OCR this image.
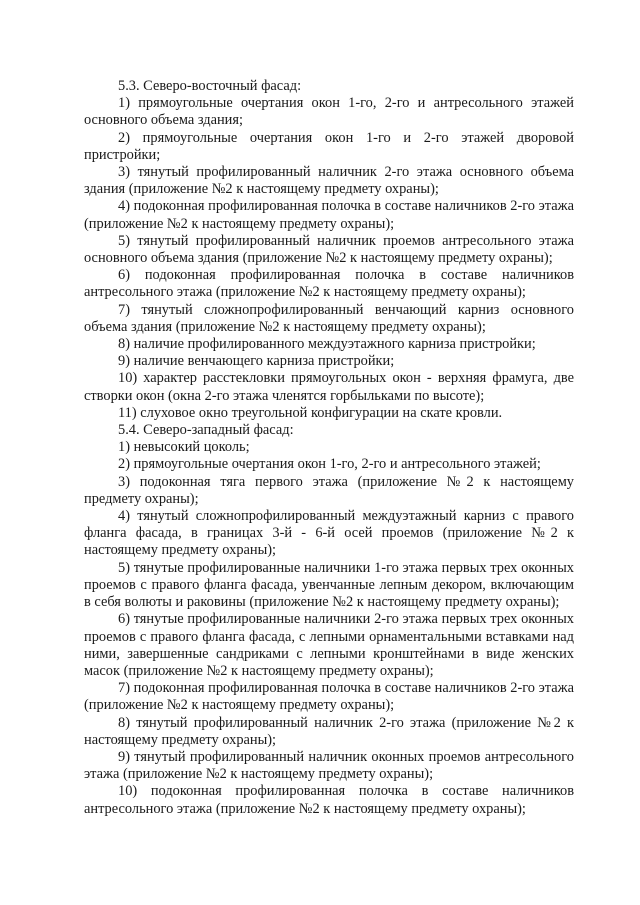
5.3. Северо-восточный фасад:

1) прямоугольные очертания окон 1-го, 2-го и антресольного этажей основного объема здания;

2) прямоугольные очертания окон 1-го и 2-го этажей дворовой пристройки;

3) тянутый профилированный наличник 2-го этажа основного объема здания (приложение №2 к настоящему предмету охраны);

4) подоконная профилированная полочка в составе наличников 2-го этажа (приложение №2 к настоящему предмету охраны);

5) тянутый профилированный наличник проемов антресольного этажа основного объема здания (приложение №2 к настоящему предмету охраны);

6) подоконная профилированная полочка в составе наличников антресольного этажа (приложение №2 к настоящему предмету охраны);

7) тянутый сложнопрофилированный венчающий карниз основного объема здания (приложение №2 к настоящему предмету охраны);

8) наличие профилированного междуэтажного карниза пристройки;

9) наличие венчающего карниза пристройки;

10) характер расстекловки прямоугольных окон - верхняя фрамуга, две створки окон (окна 2-го этажа членятся горбыльками по высоте);

11) слуховое окно треугольной конфигурации на скате кровли.

5.4. Северо-западный фасад:

1) невысокий цоколь;

2) прямоугольные очертания окон 1-го, 2-го и антресольного этажей;

3) подоконная тяга первого этажа (приложение №2 к настоящему предмету охраны);

4) тянутый сложнопрофилированный междуэтажный карниз с правого фланга фасада, в границах 3-й - 6-й осей проемов (приложение №2 к настоящему предмету охраны);

5) тянутые профилированные наличники 1-го этажа первых трех оконных проемов с правого фланга фасада, увенчанные лепным декором, включающим в себя волюты и раковины (приложение №2 к настоящему предмету охраны);

6) тянутые профилированные наличники 2-го этажа первых трех оконных проемов с правого фланга фасада, с лепными орнаментальными вставками над ними, завершенные сандриками с лепными кронштейнами в виде женских масок (приложение №2 к настоящему предмету охраны);

7) подоконная профилированная полочка в составе наличников 2-го этажа (приложение №2 к настоящему предмету охраны);

8) тянутый профилированный наличник 2-го этажа (приложение №2 к настоящему предмету охраны);

9) тянутый профилированный наличник оконных проемов антресольного этажа (приложение №2 к настоящему предмету охраны);

10) подоконная профилированная полочка в составе наличников антресольного этажа (приложение №2 к настоящему предмету охраны);
